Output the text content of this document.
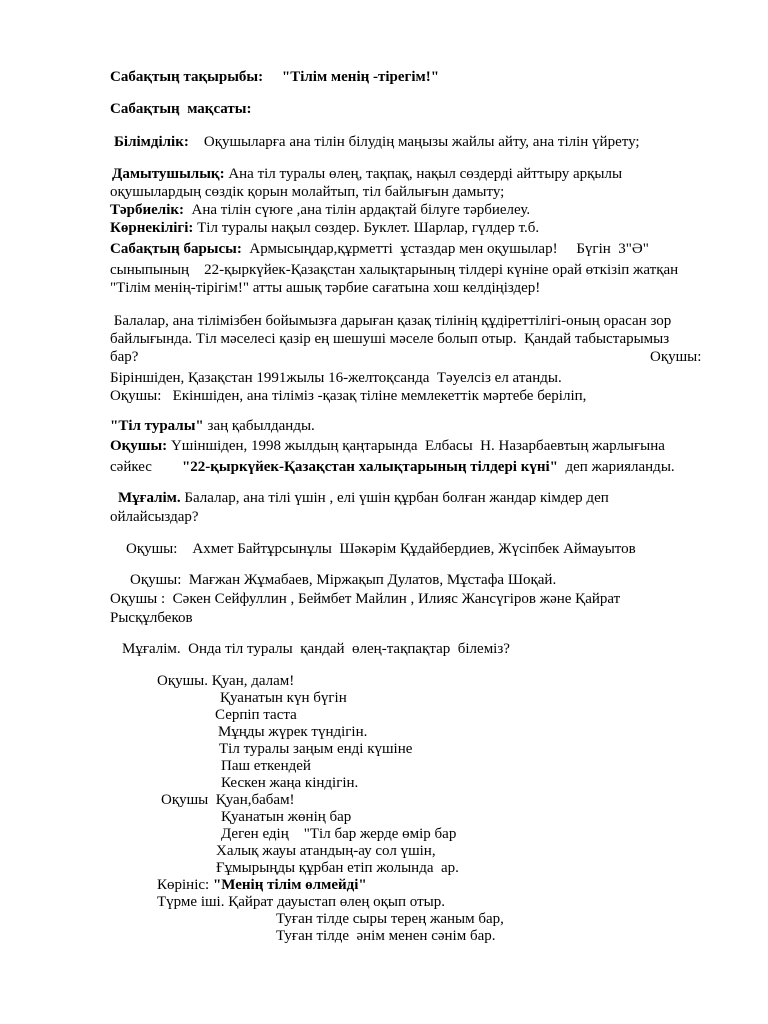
Сабақтың тақырыбы: "Тілім менің -тірегім!"
Сабақтың  мақсаты:
Білімділік: Оқушыларға ана тілін білудің маңызы жайлы айту, ана тілін үйрету;
Дамытушылық: Ана тіл туралы өлең, тақпақ, нақыл сөздерді айттыру арқылы
оқушылардың сөздік қорын молайтып, тіл байлығын дамыту;
Тәрбиелік: Ана тілін сүюге ,ана тілін ардақтай білуге тәрбиелеу.
Көрнекілігі: Тіл туралы нақыл сөздер. Буклет. Шарлар, гүлдер т.б.
Сабақтың барысы: Армысыңдар,құрметті  ұстаздар мен оқушылар!     Бүгін  3"Ә"
сыныпының    22-қыркүйек-Қазақстан халықтарының тілдері күніне орай өткізіп жатқан
"Тілім менің-тірігім!" атты ашық тәрбие сағатына хош келдіңіздер!
Балалар, ана тілімізбен бойымызға дарыған қазақ тілінің құдіреттілігі-оның орасан зор
байлығында. Тіл мәселесі қазір ең шешуші мәселе болып отыр.  Қандай табыстарымыз
бар?	Оқушы:
Біріншіден, Қазақстан 1991жылы 16-желтоқсанда  Тәуелсіз ел атанды.
Оқушы:   Екіншіден, ана тіліміз -қазақ тіліне мемлекеттік мәртебе беріліп,
"Тіл туралы" заң қабылданды.
Оқушы: Үшіншіден, 1998 жылдың қаңтарында  Елбасы  Н. Назарбаевтың жарлығына
сәйкес        "22-қыркүйек-Қазақстан халықтарының тілдері күні"  деп жарияланды.
Мұғалім. Балалар, ана тілі үшін , елі үшін құрбан болған жандар кімдер деп
ойлайсыздар?
Оқушы:    Ахмет Байтұрсынұлы  Шәкәрім Құдайбердиев, Жүсіпбек Аймауытов
Оқушы:  Мағжан Жұмабаев, Міржақып Дулатов, Мұстафа Шоқай.
Оқушы :  Сәкен Сейфуллин , Беймбет Майлин , Илияс Жансүгіров және Қайрат
Рысқұлбеков
Мұғалім.  Онда тіл туралы  қандай  өлең-тақпақтар  білеміз?
Оқушы. Қуан, далам!
Қуанатын күн бүгін
Серпіп таста
Мұңды жүрек түндігін.
Тіл туралы заңым енді күшіне
Паш еткендей
Кескен жаңа кіндігін.
Оқушы  Қуан,бабам!
Қуанатын жөнің бар
Деген едің    "Тіл бар жерде өмір бар
Халық жауы атандың-ау сол үшін,
Ғұмырыңды құрбан етіп жолында  ар.
Көрініс: "Менің тілім өлмейді"
Түрме іші. Қайрат дауыстап өлең оқып отыр.
Туған тілде сыры терең жаным бар,
Туған тілде  әнім менен сәнім бар.
